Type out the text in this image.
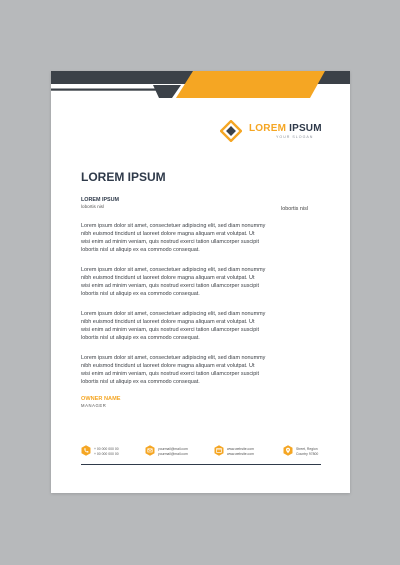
LOREM IPSUM
YOUR SLOGAN
LOREM IPSUM
LOREM IPSUM
lobortis nisl	lobortis nisl
Lorem ipsum dolor sit amet, consectetuer adipiscing elit, sed diam nonummy
nibh euismod tincidunt ut laoreet dolore magna aliquam erat volutpat. Ut
wisi enim ad minim veniam, quis nostrud exerci tation ullamcorper suscipit
lobortis nisl ut aliquip ex ea commodo consequat.
Lorem ipsum dolor sit amet, consectetuer adipiscing elit, sed diam nonummy
nibh euismod tincidunt ut laoreet dolore magna aliquam erat volutpat. Ut
wisi enim ad minim veniam, quis nostrud exerci tation ullamcorper suscipit
lobortis nisl ut aliquip ex ea commodo consequat.
Lorem ipsum dolor sit amet, consectetuer adipiscing elit, sed diam nonummy
nibh euismod tincidunt ut laoreet dolore magna aliquam erat volutpat. Ut
wisi enim ad minim veniam, quis nostrud exerci tation ullamcorper suscipit
lobortis nisl ut aliquip ex ea commodo consequat.
Lorem ipsum dolor sit amet, consectetuer adipiscing elit, sed diam nonummy
nibh euismod tincidunt ut laoreet dolore magna aliquam erat volutpat. Ut
wisi enim ad minim veniam, quis nostrud exerci tation ullamcorper suscipit
lobortis nisl ut aliquip ex ea commodo consequat.
OWNER NAME
MANAGER
+ 00 000 000 00
+ 00 000 000 00
yourmail@mail.com
yourmail@mail.com
www.website.com
www.website.com
Street, Region
Country 97800
